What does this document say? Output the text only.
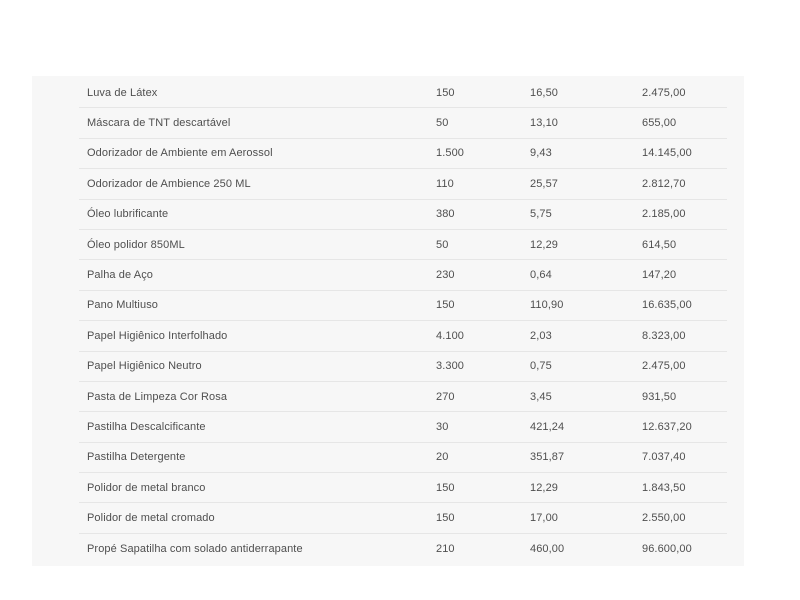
Luva de Látex	150	16,50	2.475,00
Máscara de TNT descartável	50	13,10	655,00
Odorizador de Ambiente em Aerossol	1.500	9,43	14.145,00
Odorizador de Ambience 250 ML	110	25,57	2.812,70
Óleo lubrificante	380	5,75	2.185,00
Óleo polidor 850ML	50	12,29	614,50
Palha de Aço	230	0,64	147,20
Pano Multiuso	150	110,90	16.635,00
Papel Higiênico Interfolhado	4.100	2,03	8.323,00
Papel Higiênico Neutro	3.300	0,75	2.475,00
Pasta de Limpeza Cor Rosa	270	3,45	931,50
Pastilha Descalcificante	30	421,24	12.637,20
Pastilha Detergente	20	351,87	7.037,40
Polidor de metal branco	150	12,29	1.843,50
Polidor de metal cromado	150	17,00	2.550,00
Propé Sapatilha com solado antiderrapante	210	460,00	96.600,00
